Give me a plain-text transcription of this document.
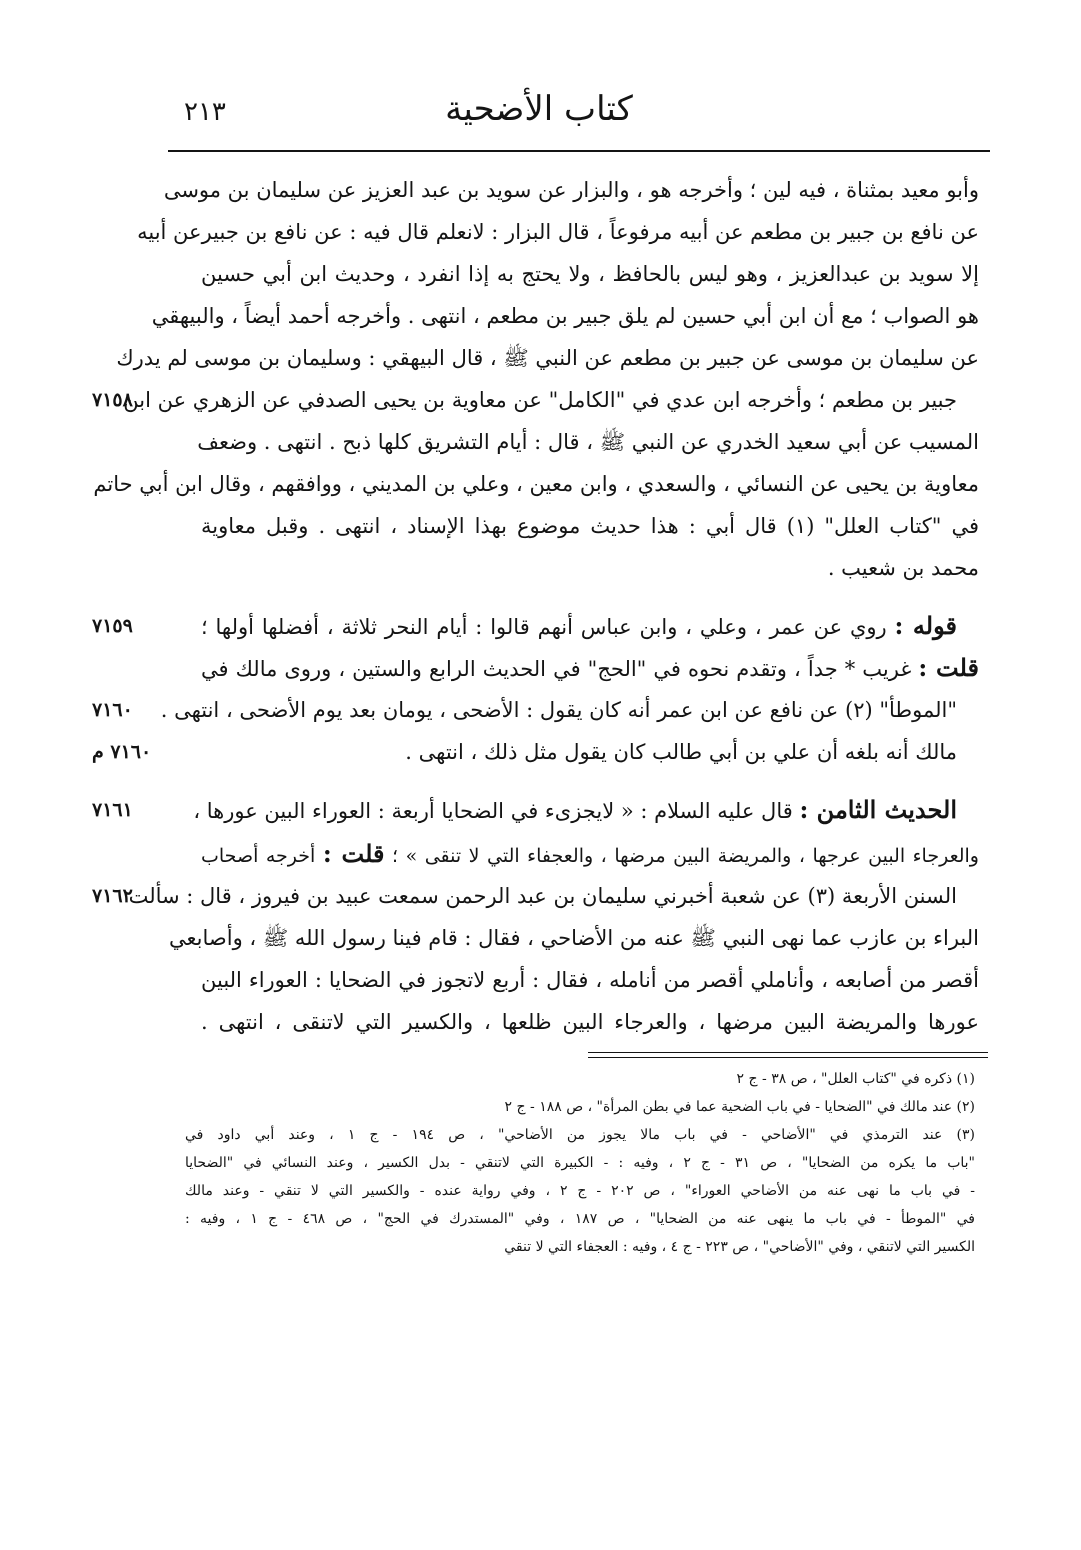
كتاب الأضحية
٢١٣
وأبو معيد بمثناة ، فيه لين ؛ وأخرجه هو ، والبزار عن سويد بن عبد العزيز عن سليمان بن موسى
عن نافع بن جبير بن مطعم عن أبيه مرفوعاً ، قال البزار : لانعلم قال فيه : عن نافع بن جبيرعن أبيه
إلا سويد بن عبدالعزيز ، وهو ليس بالحافظ ، ولا يحتج به إذا انفرد ، وحديث ابن أبي حسين
هو الصواب ؛ مع أن ابن أبي حسين لم يلق جبير بن مطعم ، انتهى . وأخرجه أحمد أيضاً ، والبيهقي
عن سليمان بن موسى عن جبير بن مطعم عن النبي ﷺ ، قال البيهقي : وسليمان بن موسى لم يدرك
جبير بن مطعم ؛ وأخرجه ابن عدي في "الكامل" عن معاوية بن يحيى الصدفي عن الزهري عن ابن
٧١٥٨
المسيب عن أبي سعيد الخدري عن النبي ﷺ ، قال : أيام التشريق كلها ذبح . انتهى . وضعف
معاوية بن يحيى عن النسائي ، والسعدي ، وابن معين ، وعلي بن المديني ، ووافقهم ، وقال ابن أبي حاتم
في "كتاب العلل" (١) قال أبي : هذا حديث موضوع بهذا الإسناد ، انتهى . وقبل معاوية
محمد بن شعيب .
قوله : روي عن عمر ، وعلي ، وابن عباس أنهم قالوا : أيام النحر ثلاثة ، أفضلها أولها ؛
٧١٥٩
قلت : غريب * جداً ، وتقدم نحوه في "الحج" في الحديث الرابع والستين ، وروى مالك في
"الموطأ" (٢) عن نافع عن ابن عمر أنه كان يقول : الأضحى ، يومان بعد يوم الأضحى ، انتهى .
٧١٦٠
مالك أنه بلغه أن علي بن أبي طالب كان يقول مثل ذلك ، انتهى .
٧١٦٠ م
الحديث الثامن : قال عليه السلام : « لايجزىء في الضحايا أربعة : العوراء البين عورها ،
٧١٦١
والعرجاء البين عرجها ، والمريضة البين مرضها ، والعجفاء التي لا تنقى » ؛ قلت : أخرجه أصحاب
السنن الأربعة (٣) عن شعبة أخبرني سليمان بن عبد الرحمن سمعت عبيد بن فيروز ، قال : سألت
٧١٦٢
البراء بن عازب عما نهى النبي ﷺ عنه من الأضاحي ، فقال : قام فينا رسول الله ﷺ ، وأصابعي
أقصر من أصابعه ، وأناملي أقصر من أنامله ، فقال : أربع لاتجوز في الضحايا : العوراء البين
عورها والمريضة البين مرضها ، والعرجاء البين ظلعها ، والكسير التي لاتنقى ، انتهى .
(١) ذكره في "كتاب العلل" ، ص ٣٨ - ج ٢
(٢) عند مالك في "الضحايا - في باب الضحية عما في بطن المرأة" ، ص ١٨٨ - ج ٢
(٣) عند الترمذي في "الأضاحي - في باب مالا يجوز من الأضاحي" ، ص ١٩٤ - ج ١ ، وعند أبي داود في
"باب ما يكره من الضحايا" ، ص ٣١ - ج ٢ ، وفيه : - الكبيرة التي لاتنقي - بدل الكسير ، وعند النسائي في "الضحايا
- في باب ما نهى عنه من الأضاحي العوراء" ، ص ٢٠٢ - ج ٢ ، وفي رواية عنده - والكسير التي لا تنقي - وعند مالك
في "الموطأ - في باب ما ينهى عنه من الضحايا" ، ص ١٨٧ ، وفي "المستدرك في الحج" ، ص ٤٦٨ - ج ١ ، وفيه :
الكسير التي لاتنقي ، وفي "الأضاحي" ، ص ٢٢٣ - ج ٤ ، وفيه : العجفاء التي لا تنقي
